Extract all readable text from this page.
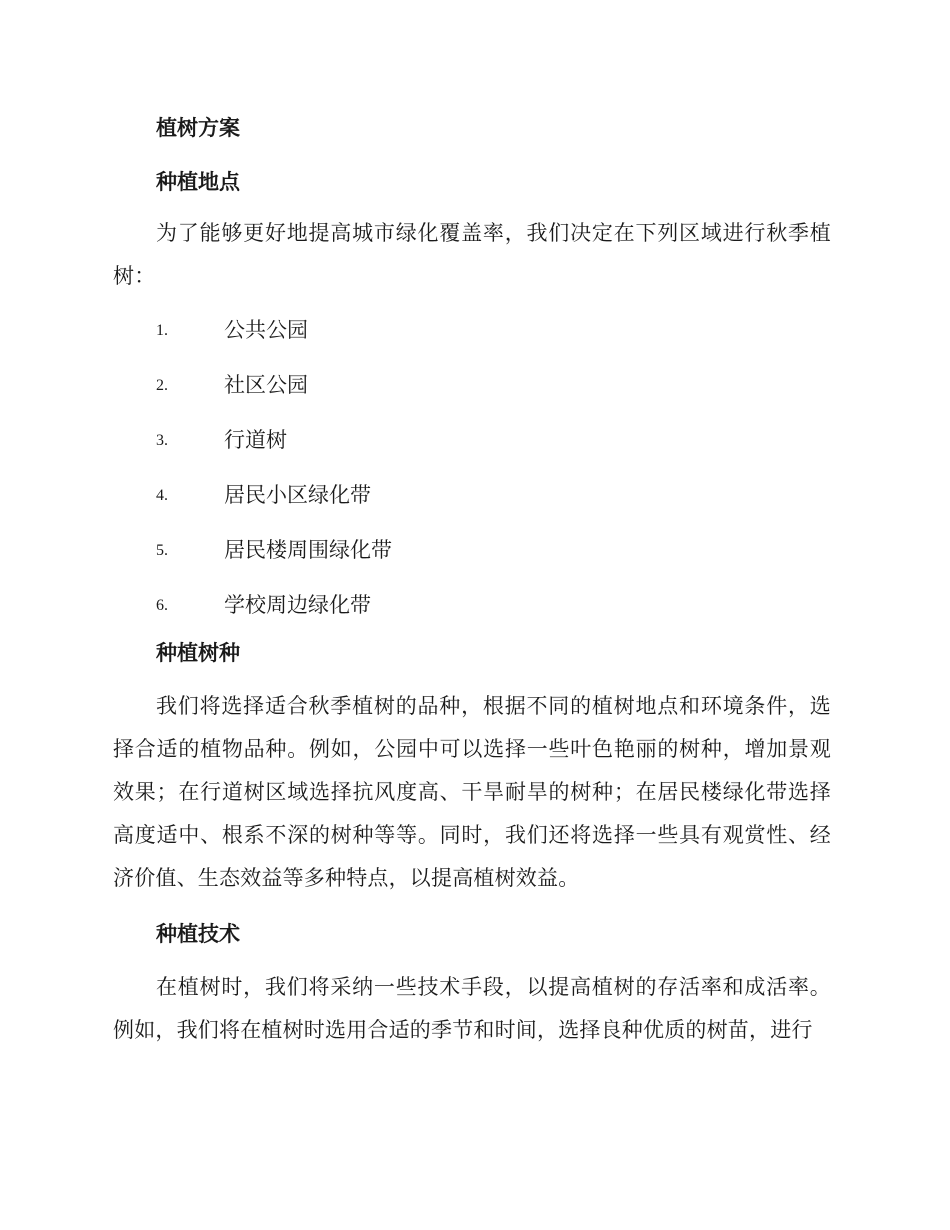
植树方案
种植地点

为了能够更好地提高城市绿化覆盖率，我们决定在下列区域进行秋季植树：

1.	公共公园
2.	社区公园
3.	行道树
4.	居民小区绿化带
5.	居民楼周围绿化带
6.	学校周边绿化带
种植树种

我们将选择适合秋季植树的品种，根据不同的植树地点和环境条件，选择合适的植物品种。例如，公园中可以选择一些叶色艳丽的树种，增加景观效果；在行道树区域选择抗风度高、干旱耐旱的树种；在居民楼绿化带选择高度适中、根系不深的树种等等。同时，我们还将选择一些具有观赏性、经济价值、生态效益等多种特点，以提高植树效益。

种植技术

在植树时，我们将采纳一些技术手段，以提高植树的存活率和成活率。例如，我们将在植树时选用合适的季节和时间，选择良种优质的树苗，进行
